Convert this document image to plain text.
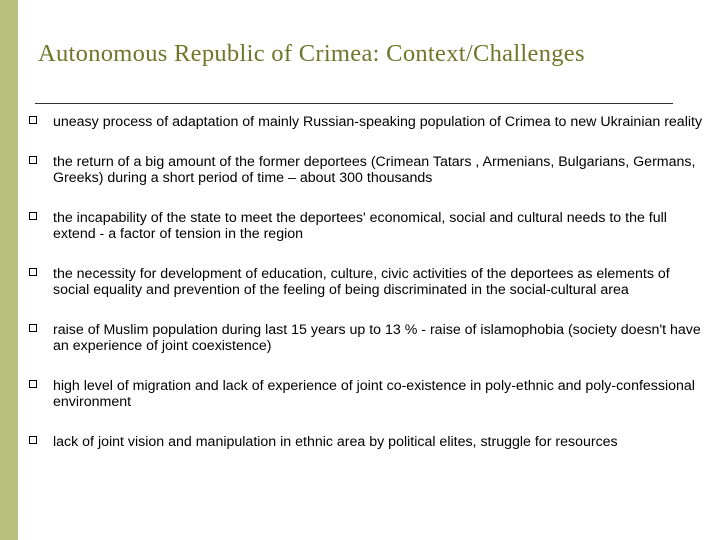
Autonomous Republic of Crimea: Context/Challenges
uneasy process of adaptation of mainly Russian-speaking population of Crimea to new Ukrainian reality
the return of a big amount of the former deportees (Crimean Tatars , Armenians, Bulgarians, Germans, Greeks) during a short period of time – about 300 thousands
the incapability of the state to meet the deportees' economical, social and cultural needs to the full extend - a factor of tension in the region
the necessity for development of education, culture, civic activities of the deportees as elements of social equality and prevention of the feeling of being discriminated in the social-cultural area
raise of Muslim population during last 15 years up to 13 % - raise of islamophobia (society doesn't have an experience of joint coexistence)
high level of migration and lack of experience of joint co-existence in poly-ethnic and poly-confessional environment
lack of joint vision and manipulation in ethnic area by political elites, struggle for resources
